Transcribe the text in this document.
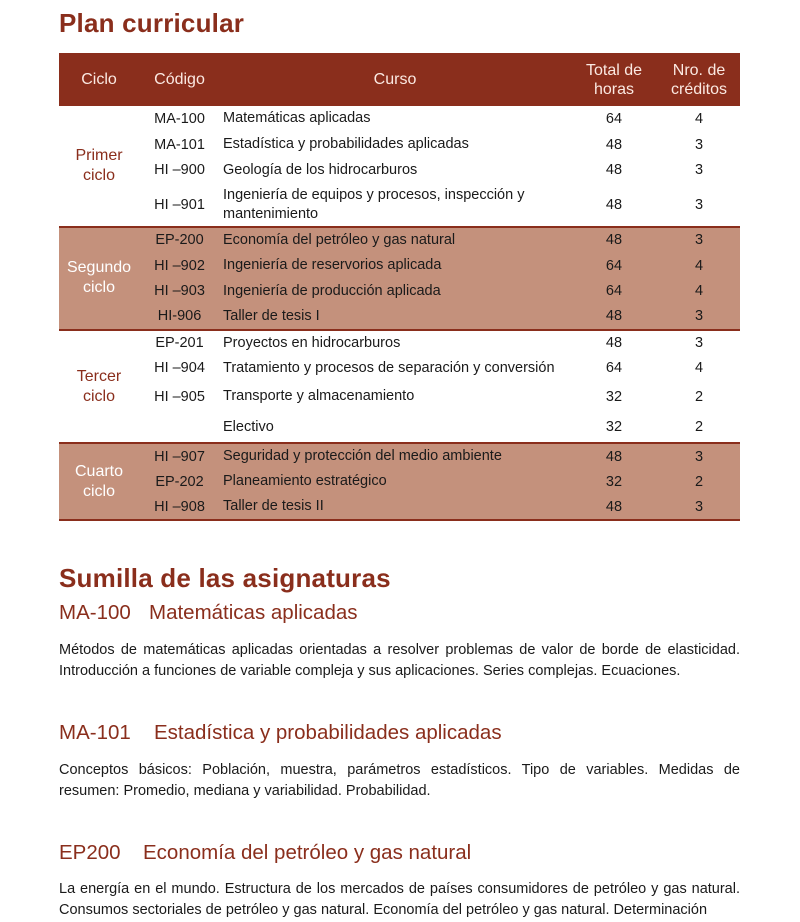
Plan curricular
Ciclo	Código	Curso	Total de horas	Nro. de créditos
Primer ciclo	MA-100	Matemáticas aplicadas	64	4
	MA-101	Estadística y probabilidades aplicadas	48	3
	HI –900	Geología de los hidrocarburos	48	3
	HI –901	Ingeniería de equipos y procesos, inspección y mantenimiento	48	3
Segundo ciclo	EP-200	Economía del petróleo y gas natural	48	3
	HI –902	Ingeniería de reservorios aplicada	64	4
	HI –903	Ingeniería de producción aplicada	64	4
	HI-906	Taller de tesis I	48	3
Tercer ciclo	EP-201	Proyectos en hidrocarburos	48	3
	HI –904	Tratamiento y procesos de separación y conversión	64	4
	HI –905	Transporte y almacenamiento	32	2
		Electivo	32	2
Cuarto ciclo	HI –907	Seguridad y protección del medio ambiente	48	3
	EP-202	Planeamiento estratégico	32	2
	HI –908	Taller de tesis II	48	3
Sumilla de las asignaturas
MA-100 Matemáticas aplicadas

Métodos de matemáticas aplicadas orientadas a resolver problemas de valor de borde de elasticidad. Introducción a funciones de variable compleja y sus aplicaciones. Series complejas. Ecuaciones.

MA-101 Estadística y probabilidades aplicadas

Conceptos básicos: Población, muestra, parámetros estadísticos. Tipo de variables. Medidas de resumen: Promedio, mediana y variabilidad. Probabilidad.

EP200 Economía del petróleo y gas natural

La energía en el mundo. Estructura de los mercados de países consumidores de petróleo y gas natural. Consumos sectoriales de petróleo y gas natural. Economía del petróleo y gas natural. Determinación
